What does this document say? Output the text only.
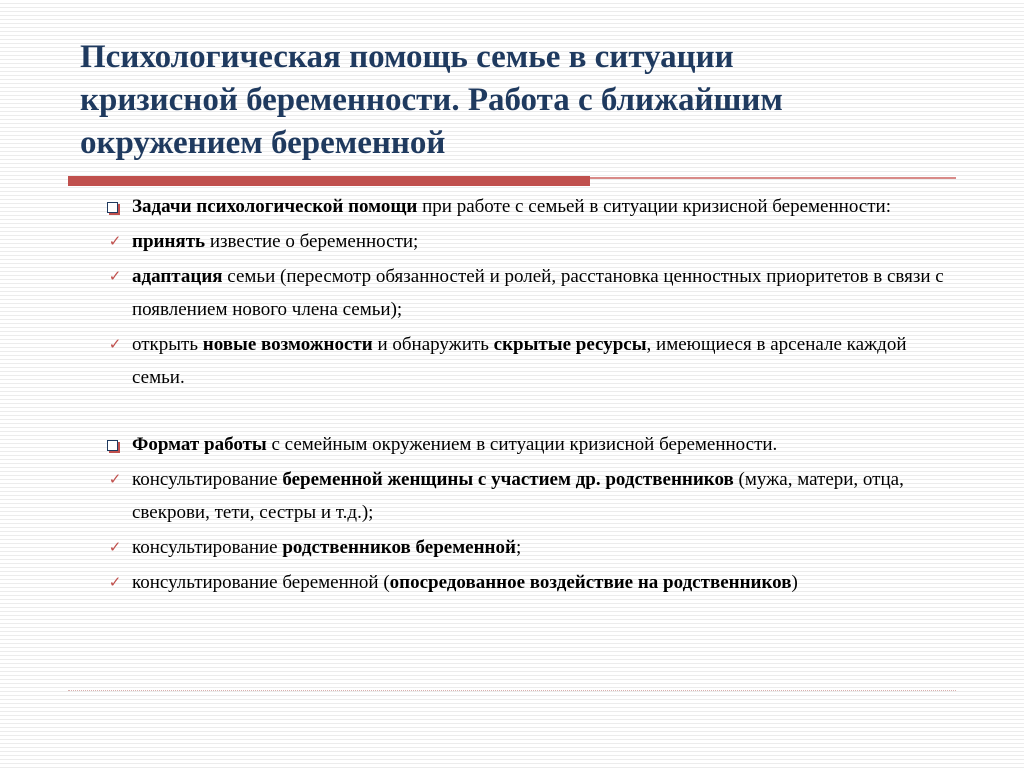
Психологическая помощь семье в ситуации
кризисной беременности. Работа с ближайшим
окружением беременной
Задачи психологической помощи при работе с семьей в ситуации кризисной беременности:
✓ принять известие о беременности;
✓ адаптация семьи (пересмотр обязанностей и ролей, расстановка ценностных приоритетов в связи с появлением нового члена семьи);
✓ открыть новые возможности и обнаружить скрытые ресурсы, имеющиеся в арсенале каждой семьи.
Формат работы с семейным окружением в ситуации кризисной беременности.
✓ консультирование беременной женщины с участием др. родственников (мужа, матери, отца, свекрови, тети, сестры и т.д.);
✓ консультирование родственников беременной;
✓ консультирование беременной (опосредованное воздействие на родственников)
